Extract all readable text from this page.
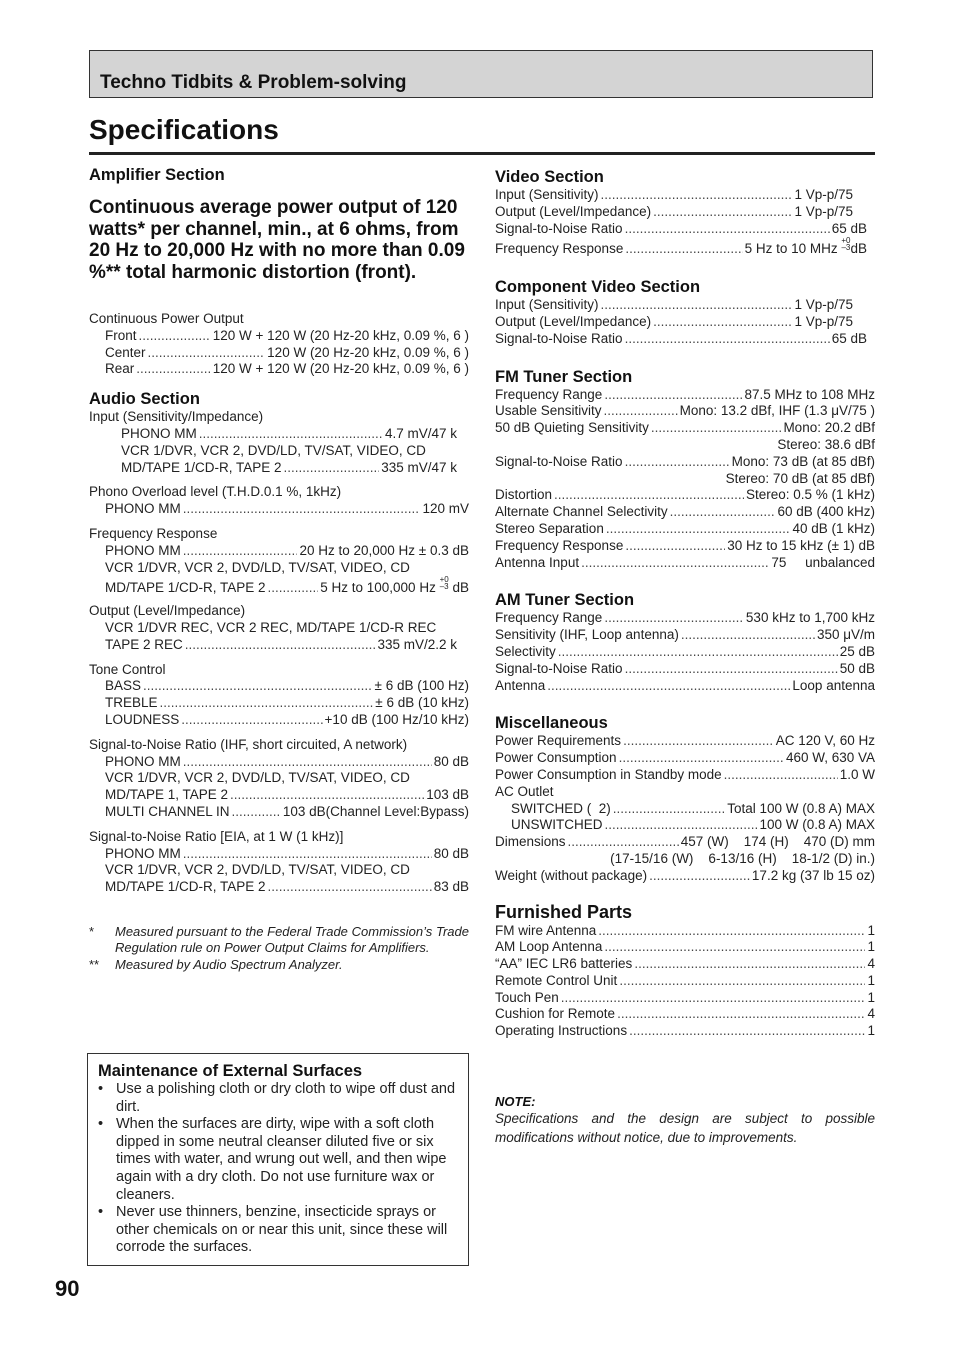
Techno Tidbits & Problem-solving
Specifications
Amplifier Section
Continuous average power output of 120 watts* per channel, min., at 6 ohms, from 20 Hz to 20,000 Hz with no more than 0.09 %** total harmonic distortion (front).
Continuous Power Output
Front .....	120 W + 120 W (20 Hz-20 kHz, 0.09 %, 6 )
Center .....	120 W (20 Hz-20 kHz, 0.09 %, 6 )
Rear .....	120 W + 120 W (20 Hz-20 kHz, 0.09 %, 6 )
Audio Section
Input (Sensitivity/Impedance)
PHONO MM .....	4.7 mV/47 k
VCR 1/DVR, VCR 2, DVD/LD, TV/SAT, VIDEO, CD
MD/TAPE 1/CD-R, TAPE 2 .....	335 mV/47 k
Phono Overload level (T.H.D.0.1 %, 1kHz)
PHONO MM .....	120 mV
Frequency Response
PHONO MM .....	20 Hz to 20,000 Hz ± 0.3 dB
VCR 1/DVR, VCR 2, DVD/LD, TV/SAT, VIDEO, CD
MD/TAPE 1/CD-R, TAPE 2 .....	5 Hz to 100,000 Hz $^{+0 -3}$ dB
Output (Level/Impedance)
VCR 1/DVR REC, VCR 2 REC, MD/TAPE 1/CD-R REC
TAPE 2 REC .....	335 mV/2.2 k
Tone Control
BASS .....	± 6 dB (100 Hz)
TREBLE .....	± 6 dB (10 kHz)
LOUDNESS .....	+10 dB (100 Hz/10 kHz)
Signal-to-Noise Ratio (IHF, short circuited, A network)
PHONO MM .....	80 dB
VCR 1/DVR, VCR 2, DVD/LD, TV/SAT, VIDEO, CD
MD/TAPE 1, TAPE 2 .....	103 dB
MULTI CHANNEL IN .....	103 dB(Channel Level:Bypass)
Signal-to-Noise Ratio [EIA, at 1 W (1 kHz)]
PHONO MM .....	80 dB
VCR 1/DVR, VCR 2, DVD/LD, TV/SAT, VIDEO, CD
MD/TAPE 1/CD-R, TAPE 2 .....	83 dB
*	Measured pursuant to the Federal Trade Commission’s Trade Regulation rule on Power Output Claims for Amplifiers.
**	Measured by Audio Spectrum Analyzer.
Maintenance of External Surfaces
• Use a polishing cloth or dry cloth to wipe off dust and dirt.
• When the surfaces are dirty, wipe with a soft cloth dipped in some neutral cleanser diluted five or six times with water, and wrung out well, and then wipe again with a dry cloth. Do not use furniture wax or cleaners.
• Never use thinners, benzine, insecticide sprays or other chemicals on or near this unit, since these will corrode the surfaces.
Video Section
Input (Sensitivity) .....	1 Vp-p/75
Output (Level/Impedance) .....	1 Vp-p/75
Signal-to-Noise Ratio .....	65 dB
Frequency Response .....	5 Hz to 10 MHz $^{+0 -3}$dB
Component Video Section
Input (Sensitivity) .....	1 Vp-p/75
Output (Level/Impedance) .....	1 Vp-p/75
Signal-to-Noise Ratio .....	65 dB
FM Tuner Section
Frequency Range .....	87.5 MHz to 108 MHz
Usable Sensitivity .....	Mono: 13.2 dBf, IHF (1.3 μV/75 )
50 dB Quieting Sensitivity .....	Mono: 20.2 dBf
Stereo: 38.6 dBf
Signal-to-Noise Ratio .....	Mono: 73 dB (at 85 dBf)
Stereo: 70 dB (at 85 dBf)
Distortion .....	Stereo: 0.5 % (1 kHz)
Alternate Channel Selectivity .....	60 dB (400 kHz)
Stereo Separation .....	40 dB (1 kHz)
Frequency Response .....	30 Hz to 15 kHz (± 1) dB
Antenna Input .....	75     unbalanced
AM Tuner Section
Frequency Range .....	530 kHz to 1,700 kHz
Sensitivity (IHF, Loop antenna) .....	350 μV/m
Selectivity .....	25 dB
Signal-to-Noise Ratio .....	50 dB
Antenna .....	Loop antenna
Miscellaneous
Power Requirements .....	AC 120 V, 60 Hz
Power Consumption .....	460 W, 630 VA
Power Consumption in Standby mode .....	1.0 W
AC Outlet
SWITCHED (  2) .....	Total 100 W (0.8 A) MAX
UNSWITCHED .....	100 W (0.8 A) MAX
Dimensions .....	457 (W)    174 (H)    470 (D) mm
(17-15/16 (W)    6-13/16 (H)    18-1/2 (D) in.)
Weight (without package) .....	17.2 kg (37 lb 15 oz)
Furnished Parts
FM wire Antenna .....	1
AM Loop Antenna .....	1
“AA” IEC LR6 batteries .....	4
Remote Control Unit .....	1
Touch Pen .....	1
Cushion for Remote .....	4
Operating Instructions .....	1
NOTE:
Specifications and the design are subject to possible modifications without notice, due to improvements.
90
